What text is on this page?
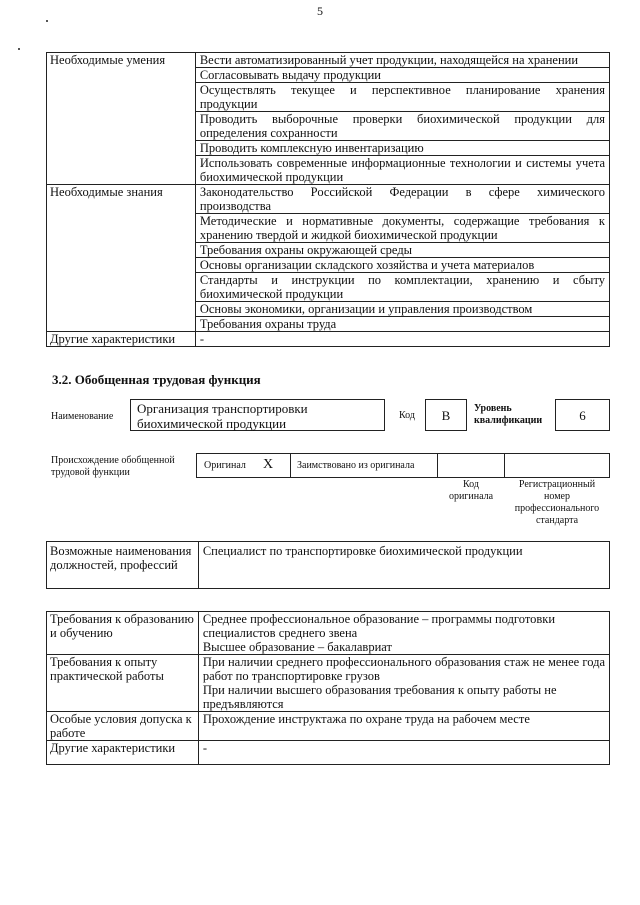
5
Необходимые умения	Вести автоматизированный учет продукции, находящейся на хранении
	Согласовывать выдачу продукции
	Осуществлять текущее и перспективное планирование хранения продукции
	Проводить выборочные проверки биохимической продукции для определения сохранности
	Проводить комплексную инвентаризацию
	Использовать современные информационные технологии и системы учета биохимической продукции
Необходимые знания	Законодательство Российской Федерации в сфере химического производства
	Методические и нормативные документы, содержащие требования к хранению твердой и жидкой биохимической продукции
	Требования охраны окружающей среды
	Основы организации складского хозяйства и учета материалов
	Стандарты и инструкции по комплектации, хранению и сбыту биохимической продукции
	Основы экономики, организации и управления производством
	Требования охраны труда
Другие характеристики	-
3.2. Обобщенная трудовая функция
Наименование
Организация транспортировки биохимической продукции
Код	B	Уровень квалификации	6
Происхождение обобщенной трудовой функции
Оригинал X Заимствовано из оригинала
Код оригинала
Регистрационный номер профессионального стандарта
Возможные наименования должностей, профессий	Специалист по транспортировке биохимической продукции
Требования к образованию и обучению	Среднее профессиональное образование – программы подготовки специалистов среднего звена
Высшее образование – бакалавриат

Требования к опыту практической работы	При наличии среднего профессионального образования стаж не менее года работ по транспортировке грузов
При наличии высшего образования требования к опыту работы не предъявляются

Особые условия допуска к работе	Прохождение инструктажа по охране труда на рабочем месте
Другие характеристики	-
